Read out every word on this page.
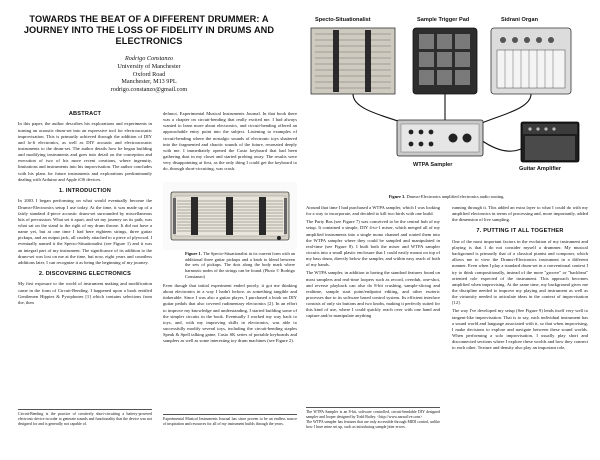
TOWARDS THE BEAT OF A DIFFERENT DRUMMER: A JOURNEY INTO THE LOSS OF FIDELITY IN DRUMS AND ELECTRONICS
Rodrigo Constanzo
University of Manchester
Oxford Road
Manchester, M13 9PL
rodrigo.constanzo@gmail.com
ABSTRACT

In this paper, the author describes his explorations and experiments in turning an acoustic drum-set into an expressive tool for electroacoustic improvisation. This is primarily achieved through the addition of DIY and lo-fi electronics, as well as DIY acoustic and electroacoustic instruments to the drum-set. The author details how he began building and modifying instruments and goes into detail on the conception and execution of two of his more recent creations, where ingenuity, limitations and instruments into his improvisation. The author concludes with his plans for future instruments and explorations predominantly dealing with Arduino and Apple iOS devices.

1. INTRODUCTION

In 2003 I began performing on what would eventually become the Drums+Electronics setup I use today. At the time, it was made up of a fairly standard 4-piece acoustic drum-set surrounded by miscellaneous bits of percussion. What set it apart, and set my journey on its path, was what sat on the stand to the right of my drum throne. It did not have a name yet, but at one time I had here eighteen strings, three guitar pickups, and an output jack, all crudely attached to a piece of plywood. I eventually named it the Specto-Situationalist (see Figure 1) and it was an integral part of my instrument. The significance of its addition to the drum-set was lost on me at the time, but now, eight years and countless additions later, I can recognize it as being the beginning of my journey.

2. DISCOVERING ELECTRONICS

My first exposure to the world of instrument making and modification came in the form of Circuit-Bending. I happened upon a book entitled Gentlemen Hippies & Pyrophones [1] which contains selections from the, then

Circuit-Bending is the practice of creatively short-circuiting a battery-powered electronic device in order to generate sounds and functionality that the device was not designed for and is generally not capable of.

defunct, Experimental Musical Instruments Journal. In that book there was a chapter on circuit-bending that really excited me. I had always wanted to learn more about electronics, and circuit-bending offered an approachable entry point into the subject. Listening to examples of circuit-bending where the nostalgic sounds of electronic toys shattered into the fragmented and chaotic sounds of the future, resonated deeply with me. I immediately opened the Casio keyboard that had been gathering dust in my closet and started probing away. The results were very disappointing at first, as the only thing I could get the keyboard to do, through short-circuiting, was crash.

Figure 1. The Specto-Situationalist in its current form with an additional three guitar pickups and a knob to blend between the sets of pickups. The dots along the body mark where harmonic nodes of the strings can be found. (Photo © Rodrigo Constanzo)

Even though that initial experiment ended poorly, it got me thinking about electronics in a way I hadn't before, as something tangible and tinkerable. Since I was also a guitar player, I purchased a book on DIY guitar pedals that also covered rudimentary electronics [2]. In an effort to improve my knowledge and understanding, I started building some of the simpler circuits in the book. Eventually I worked my way back to toys, and, with my improving skills in electronics, was able to successfully modify several toys, including the circuit-bending staples Speak & Spell talking game, Casio SK series of portable keyboards and samplers as well as some interesting toy drum machines (see Figure 2).

Experimental Musical Instruments Journal has since proven to be an endless source of inspiration and resources for all of my instrument builds through the years.
Specto-Situationalist	Sample Trigger Pad	Sidrani Organ
WTPA Sampler
Guitar Amplifier
Figure 3. Drums+Electronics amplified electronics audio routing.

Around that time I had purchased a WTPA sampler, which I was looking for a way to incorporate, and decided to kill two birds with one build.

The Party Bus (see Figure 7) was conceived to be the central hub of my setup. It contained a simple, DIY 4-to-1 mixer, which merged all of my amplified instruments into a single mono channel and routed them into the WTPA sampler where they could be sampled and manipulated in real-time (see Figure 8). I built both the mixer and WTPA sampler circuits into a small plastic enclosure that I could easily mount on top of my bass drum, directly below the sampler, and within easy reach of both of my hands.

The WTPA sampler, in addition to having the standard features found on most samplers and real-time loopers such as record, overdub, one-shot, and reverse playback can also do 8-bit crushing, sample-slicing and realtime, sample start point/endpoint editing, and other esoteric processes due to its software based control system. Its efficient interface consists of only six buttons and two knobs, making it perfectly suited for this kind of use, where I could quickly reach over with one hand and capture and/or manipulate anything

The WTPA Sampler is an 8-bit, software controlled, circuit-bendable DIY designed sampler and looper designed by Todd Bailey. <http://www.narrat1ve.com>
The WTPA sampler has features that are only accessible through MIDI control, unlike how I have mine set up, such as introducing sample jitter errors.

running through it. This added an extra layer to what I could do with my amplified electronics in terms of processing and, more importantly, added the dimension of live sampling.

7. PUTTING IT ALL TOGETHER

One of the most important factors in the evolution of my instrument and playing is that I do not consider myself a drummer. My musical background is primarily that of a classical pianist and composer, which allows me to view the Drums+Electronics instrument in a different manner. Even when I play a standard drum-set in a conventional context I try to think compositionally, instead of the more "groove" or "backbeat" oriented role expected of the instrument. This approach becomes amplified when improvising. At the same time, my background gives me the discipline needed to improve my playing and instrument as well as the virtuosity needed to articulate ideas in the context of improvisation [12].

The way I've developed my setup (See Figure 9) lends itself very well to tangent-like improvisation. That is to say, each individual instrument has a sound world and language associated with it, so that when improvising, I make decisions to explore and navigate between these sound worlds. When performing a solo improvisation, I usually play short and disconnected sections where I explore these worlds and how they connect to each other. Texture and density also play an important role,
